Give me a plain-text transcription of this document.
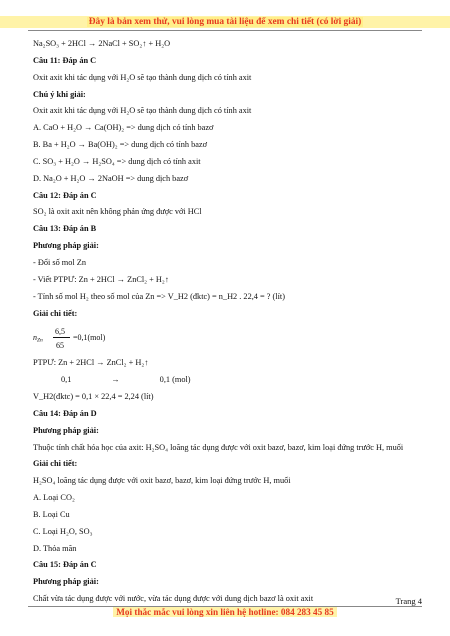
Đây là bản xem thử, vui lòng mua tài liệu để xem chi tiết (có lời giải)
Na₂SO₃ + 2HCl → 2NaCl + SO₂↑ + H₂O
Câu 11: Đáp án C
Oxit axit khi tác dụng với H₂O sẽ tạo thành dung dịch có tính axit
Chú ý khi giải:
Oxit axit khi tác dụng với H₂O sẽ tạo thành dung dịch có tính axit
A. CaO + H₂O → Ca(OH)₂ => dung dịch có tính bazơ
B. Ba + H₂O → Ba(OH)₂ => dung dịch có tính bazơ
C. SO₃ + H₂O → H₂SO₄ => dung dịch có tính axit
D. Na₂O + H₂O → 2NaOH => dung dịch bazơ
Câu 12: Đáp án C
SO₂ là oxit axit nên không phản ứng được với HCl
Câu 13: Đáp án B
Phương pháp giải:
- Đổi số mol Zn
- Viết PTPƯ: Zn + 2HCl → ZnCl₂ + H₂↑
- Tính số mol H₂ theo số mol của Zn => V_H2 (đktc) = n_H2 . 22,4 = ? (lít)
Giải chi tiết:
$n_{Zn}$
6,5
65
=0,1(mol)
PTPƯ: Zn + 2HCl → ZnCl₂ + H₂↑
0,1	→	0,1 (mol)
V_H2(đktc) = 0,1 × 22,4 = 2,24 (lít)
Câu 14: Đáp án D
Phương pháp giải:
Thuộc tính chất hóa học của axit: H₂SO₄ loãng tác dụng được với oxit bazơ, bazơ, kim loại đứng trước H, muối
Giải chi tiết:
H₂SO₄ loãng tác dụng được với oxit bazơ, bazơ, kim loại đứng trước H, muối
A. Loại CO₂
B. Loại Cu
C. Loại H₂O, SO₃
D. Thỏa mãn
Câu 15: Đáp án C
Phương pháp giải:
Chất vừa tác dụng được với nước, vừa tác dụng được với dung dịch bazơ là oxit axit	Trang 4
Mọi thắc mắc vui lòng xin liên hệ hotline: 084 283 45 85
